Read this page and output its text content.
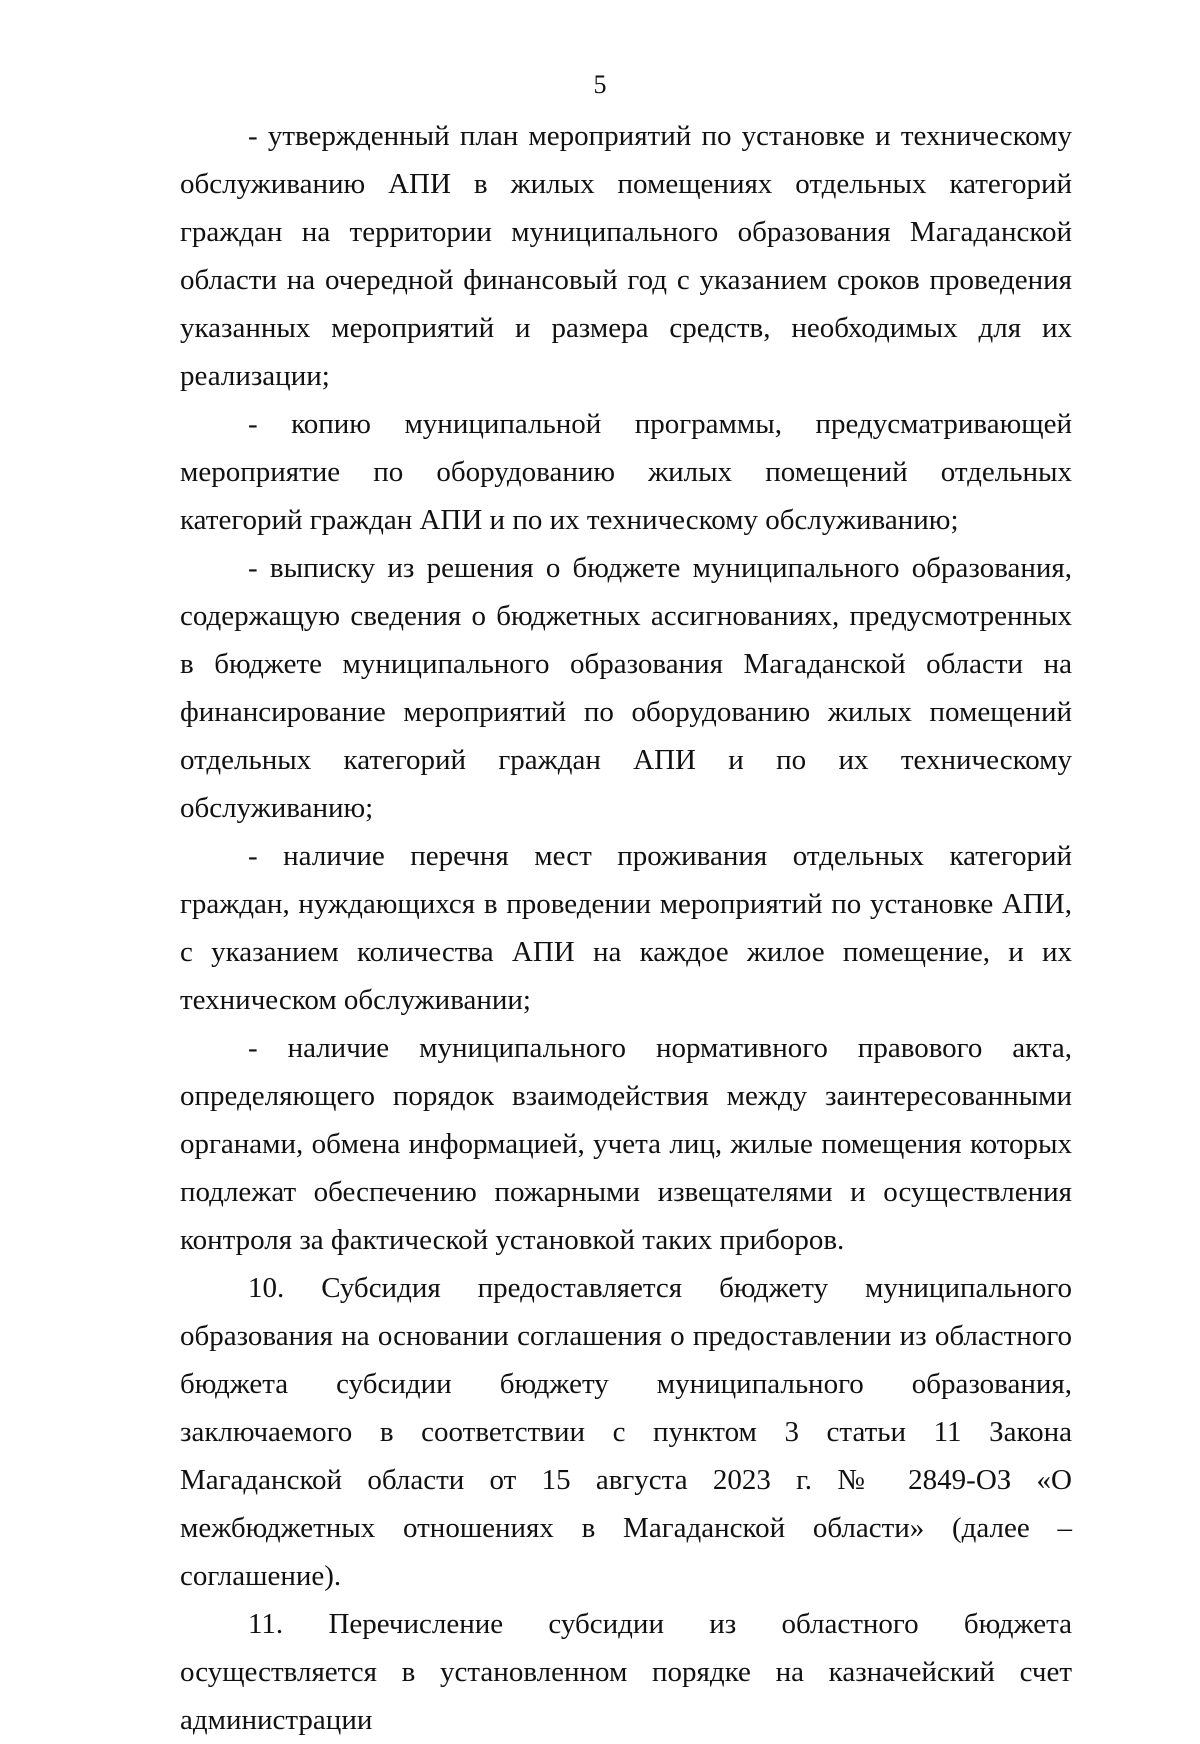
5

- утвержденный план мероприятий по установке и техническому обслуживанию АПИ в жилых помещениях отдельных категорий граждан на территории муниципального образования Магаданской области на очередной финансовый год с указанием сроков проведения указанных мероприятий и размера средств, необходимых для их реализации;

- копию муниципальной программы, предусматривающей мероприятие по оборудованию жилых помещений отдельных категорий граждан АПИ и по их техническому обслуживанию;

- выписку из решения о бюджете муниципального образования, содержащую сведения о бюджетных ассигнованиях, предусмотренных в бюджете муниципального образования Магаданской области на финансирование мероприятий по оборудованию жилых помещений отдельных категорий граждан АПИ и по их техническому обслуживанию;

- наличие перечня мест проживания отдельных категорий граждан, нуждающихся в проведении мероприятий по установке АПИ, с указанием количества АПИ на каждое жилое помещение, и их техническом обслуживании;

- наличие муниципального нормативного правового акта, определяющего порядок взаимодействия между заинтересованными органами, обмена информацией, учета лиц, жилые помещения которых подлежат обеспечению пожарными извещателями и осуществления контроля за фактической установкой таких приборов.

10. Субсидия предоставляется бюджету муниципального образования на основании соглашения о предоставлении из областного бюджета субсидии бюджету муниципального образования, заключаемого в соответствии с пунктом 3 статьи 11 Закона Магаданской области от 15 августа 2023 г. № 2849-ОЗ «О межбюджетных отношениях в Магаданской области» (далее – соглашение).

11. Перечисление субсидии из областного бюджета осуществляется в установленном порядке на казначейский счет администрации
